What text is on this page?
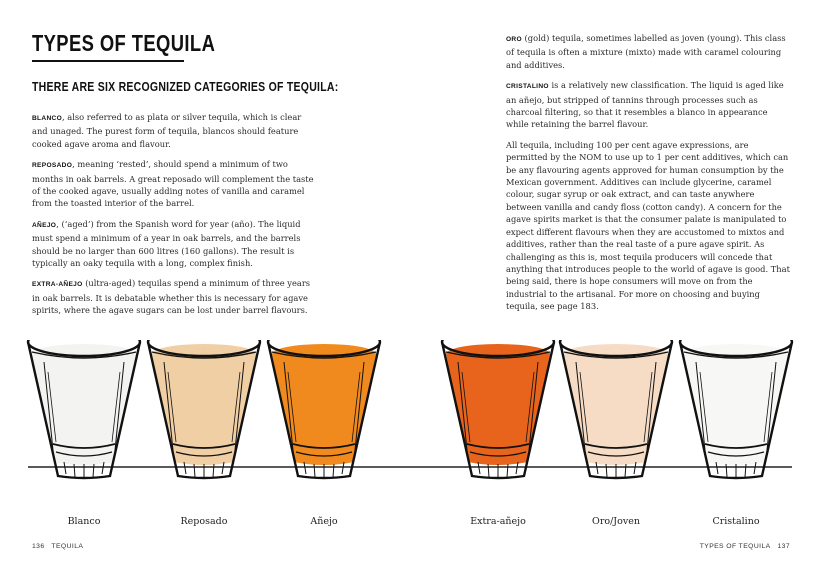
TYPES OF TEQUILA
THERE ARE SIX RECOGNIZED CATEGORIES OF TEQUILA:

BLANCO, also referred to as plata or silver tequila, which is clear and unaged. The purest form of tequila, blancos should feature cooked agave aroma and flavour.

REPOSADO, meaning ‘rested’, should spend a minimum of two months in oak barrels. A great reposado will complement the taste of the cooked agave, usually adding notes of vanilla and caramel from the toasted interior of the barrel.

AÑEJO, (‘aged’) from the Spanish word for year (año). The liquid must spend a minimum of a year in oak barrels, and the barrels should be no larger than 600 litres (160 gallons). The result is typically an oaky tequila with a long, complex finish.

EXTRA-AÑEJO (ultra-aged) tequilas spend a minimum of three years in oak barrels. It is debatable whether this is necessary for agave spirits, where the agave sugars can be lost under barrel flavours.

ORO (gold) tequila, sometimes labelled as joven (young). This class of tequila is often a mixture (mixto) made with caramel colouring and additives.

CRISTALINO is a relatively new classification. The liquid is aged like an añejo, but stripped of tannins through processes such as charcoal filtering, so that it resembles a blanco in appearance while retaining the barrel flavour.

All tequila, including 100 per cent agave expressions, are permitted by the NOM to use up to 1 per cent additives, which can be any flavouring agents approved for human consumption by the Mexican government. Additives can include glycerine, caramel colour, sugar syrup or oak extract, and can taste anywhere between vanilla and candy floss (cotton candy). A concern for the agave spirits market is that the consumer palate is manipulated to expect different flavours when they are accustomed to mixtos and additives, rather than the real taste of a pure agave spirit. As challenging as this is, most tequila producers will concede that anything that introduces people to the world of agave is good. That being said, there is hope consumers will move on from the industrial to the artisanal. For more on choosing and buying tequila, see page 183.

Blanco	Reposado	Añejo	Extra-añejo	Oro/Joven	Cristalino
136 TEQUILA	TYPES OF TEQUILA 137
